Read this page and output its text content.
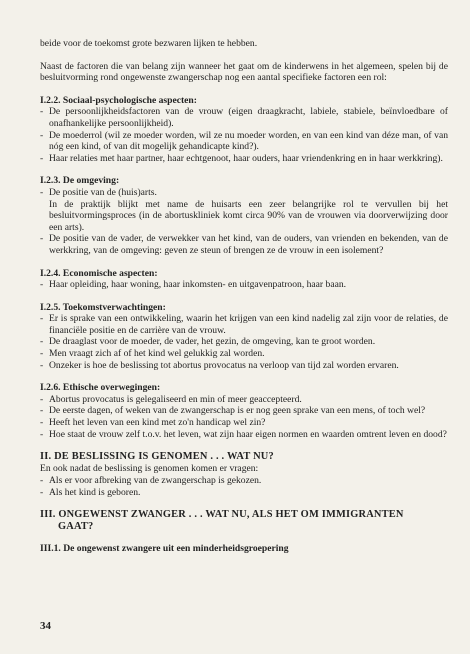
beide voor de toekomst grote bezwaren lijken te hebben.

Naast de factoren die van belang zijn wanneer het gaat om de kinderwens in het algemeen, spelen bij de besluitvorming rond ongewenste zwangerschap nog een aantal specifieke factoren een rol:

I.2.2. Sociaal-psychologische aspecten:
- De persoonlijkheidsfactoren van de vrouw (eigen draagkracht, labiele, stabiele, beïnvloedbare of onafhankelijke persoonlijkheid).
- De moederrol (wil ze moeder worden, wil ze nu moeder worden, en van een kind van déze man, of van nóg een kind, of van dit mogelijk gehandicapte kind?).
- Haar relaties met haar partner, haar echtgenoot, haar ouders, haar vriendenkring en in haar werkkring).
I.2.3. De omgeving:
- De positie van de (huis)arts.
In de praktijk blijkt met name de huisarts een zeer belangrijke rol te vervullen bij het besluitvormingsproces (in de abortuskliniek komt circa 90% van de vrouwen via doorverwijzing door een arts).
- De positie van de vader, de verwekker van het kind, van de ouders, van vrienden en bekenden, van de werkkring, van de omgeving: geven ze steun of brengen ze de vrouw in een isolement?
I.2.4. Economische aspecten:
- Haar opleiding, haar woning, haar inkomsten- en uitgavenpatroon, haar baan.
I.2.5. Toekomstverwachtingen:
- Er is sprake van een ontwikkeling, waarin het krijgen van een kind nadelig zal zijn voor de relaties, de financiële positie en de carrière van de vrouw.
- De draaglast voor de moeder, de vader, het gezin, de omgeving, kan te groot worden.
- Men vraagt zich af of het kind wel gelukkig zal worden.
- Onzeker is hoe de beslissing tot abortus provocatus na verloop van tijd zal worden ervaren.
I.2.6. Ethische overwegingen:
- Abortus provocatus is gelegaliseerd en min of meer geaccepteerd.
- De eerste dagen, of weken van de zwangerschap is er nog geen sprake van een mens, of toch wel?
- Heeft het leven van een kind met zo'n handicap wel zin?
- Hoe staat de vrouw zelf t.o.v. het leven, wat zijn haar eigen normen en waarden omtrent leven en dood?
II. DE BESLISSING IS GENOMEN . . . WAT NU?

En ook nadat de beslissing is genomen komen er vragen:

- Als er voor afbreking van de zwangerschap is gekozen.
- Als het kind is geboren.
III. ONGEWENST ZWANGER . . . WAT NU, ALS HET OM IMMIGRANTEN
GAAT?
III.1. De ongewenst zwangere uit een minderheidsgroepering
34
